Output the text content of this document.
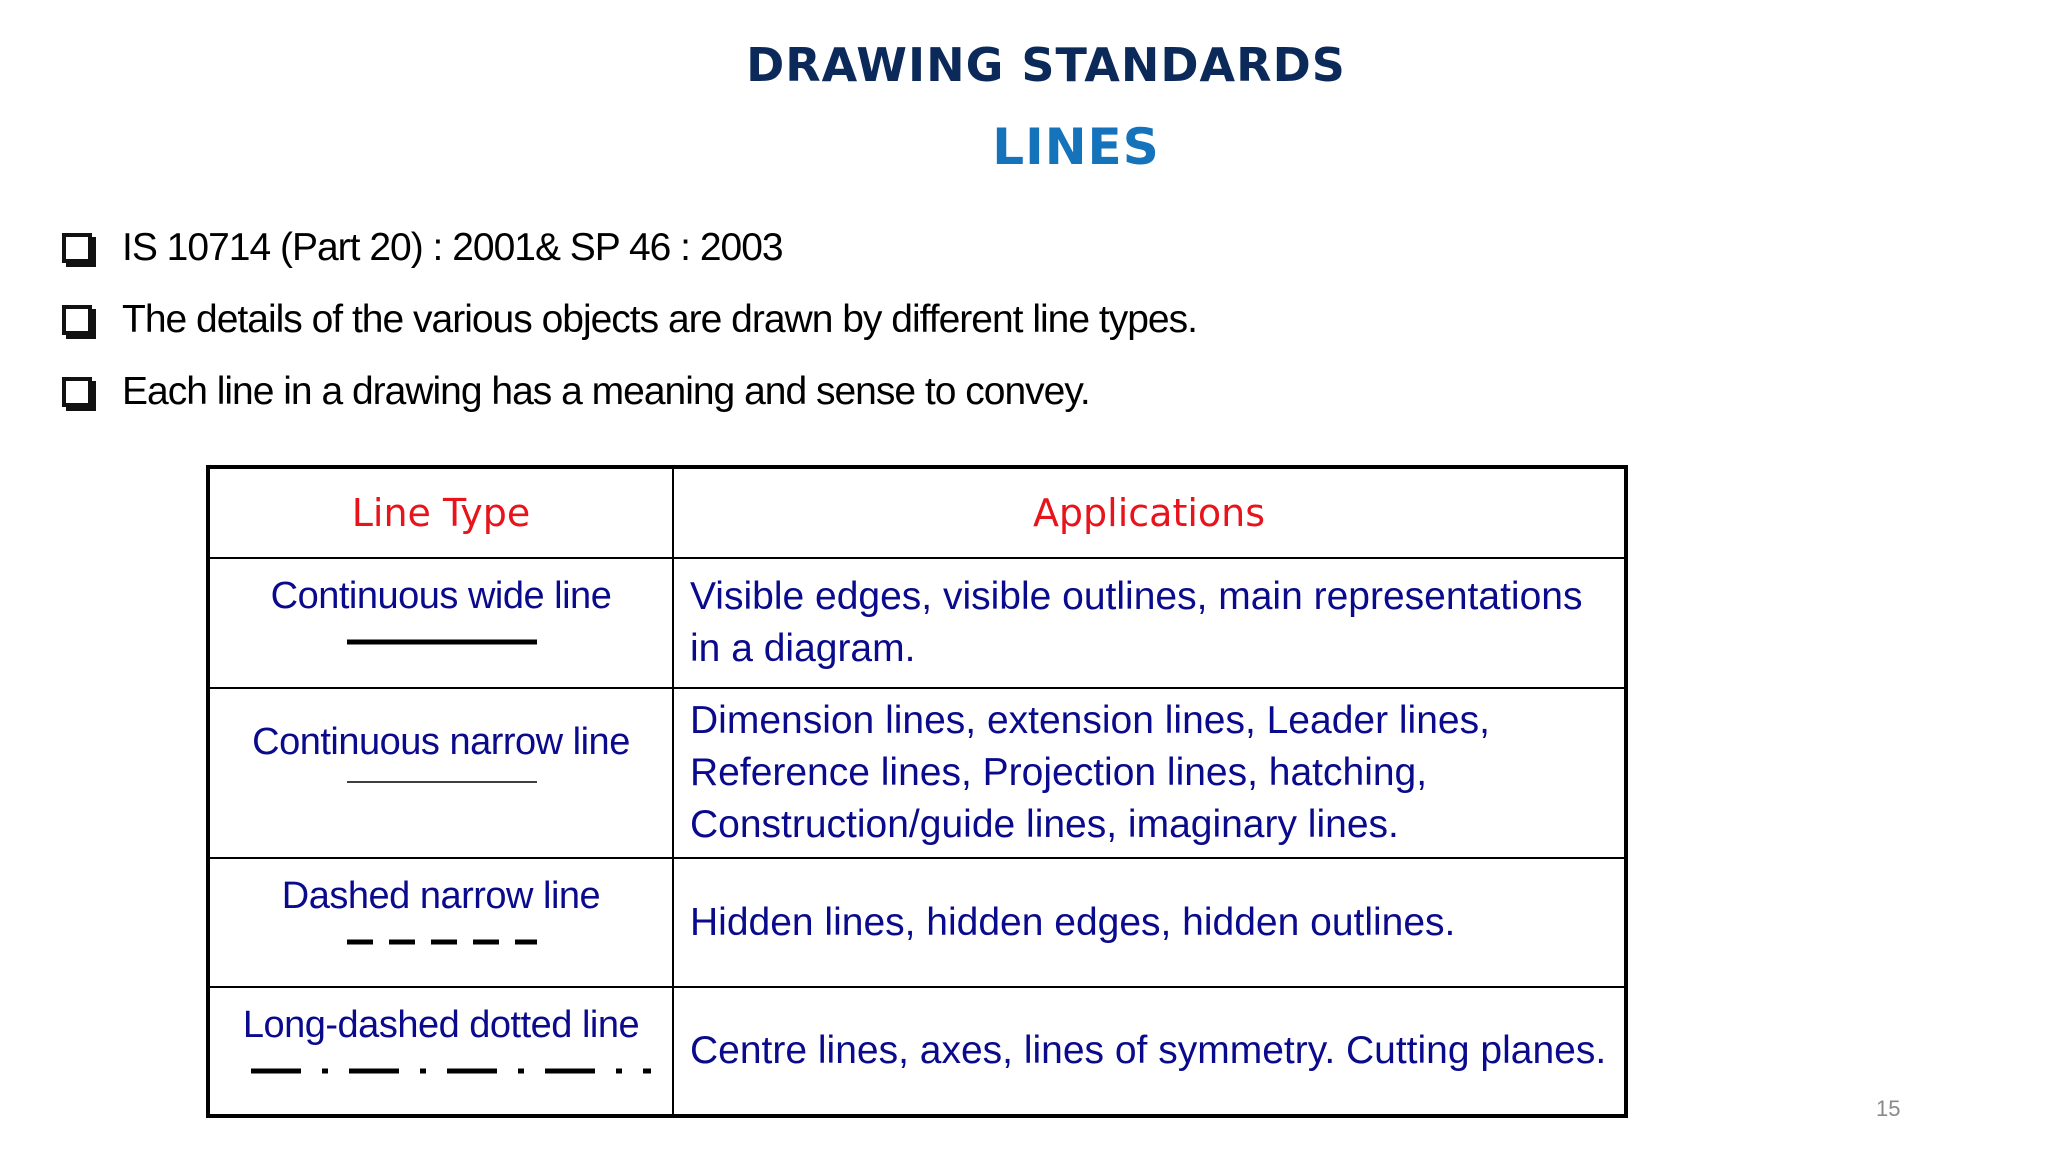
DRAWING STANDARDS
LINES
IS 10714 (Part 20) : 2001& SP 46 : 2003
The details of the various objects are drawn by different line types.
Each line in a drawing has a meaning and sense to convey.
Line Type	Applications

Continuous wide line	Visible edges, visible outlines, main representations in a diagram.

Continuous narrow line	Dimension lines, extension lines, Leader lines, Reference lines, Projection lines, hatching, Construction/guide lines, imaginary lines.

Dashed narrow line	Hidden lines, hidden edges, hidden outlines.

Long-dashed dotted line	Centre lines, axes, lines of symmetry. Cutting planes.
15
